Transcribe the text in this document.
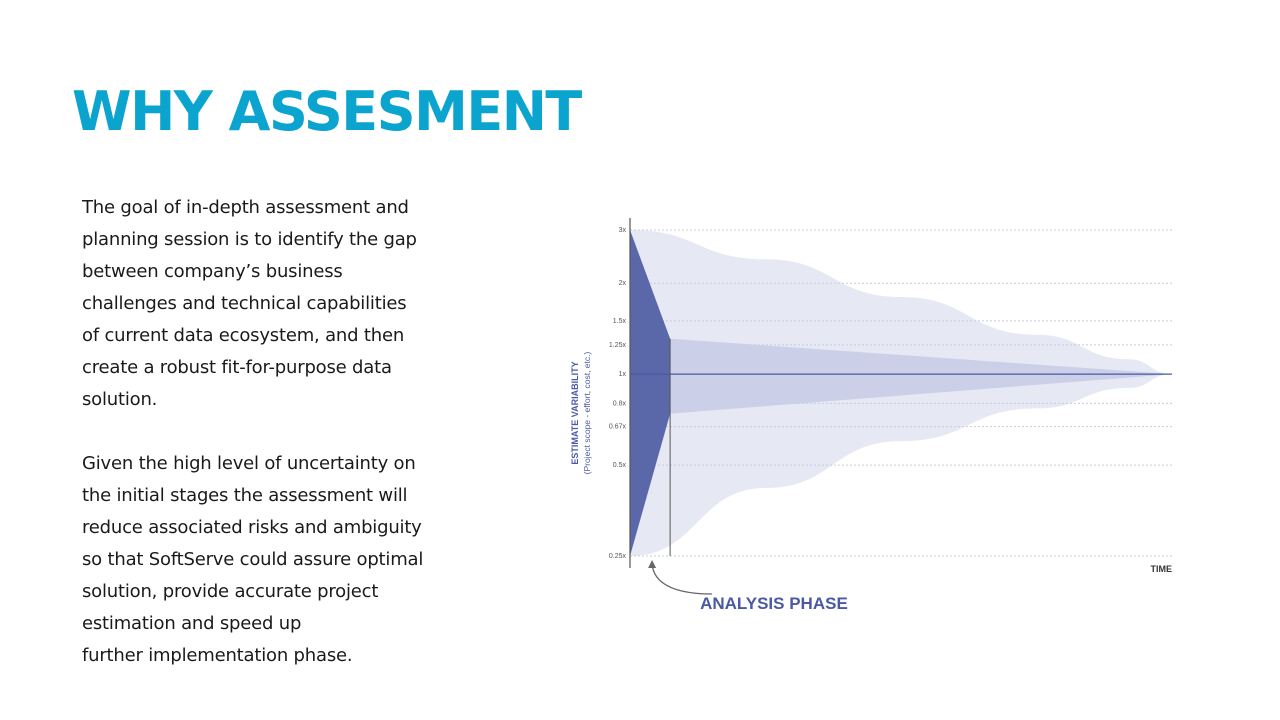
WHY ASSESMENT

The goal of in-depth assessment and
planning session is to identify the gap
between company’s business
challenges and technical capabilities
of current data ecosystem, and then
create a robust fit-for-purpose data
solution.

Given the high level of uncertainty on
the initial stages the assessment will
reduce associated risks and ambiguity
so that SoftServe could assure optimal
solution, provide accurate project
estimation and speed up
further implementation phase.

3x
2x
1.5x
1.25x
1x
0.8x
0.67x
0.5x
0.25x
ESTIMATE VARIABILITY (Project scope - effort, cost, etc.)
TIME
ANALYSIS PHASE
